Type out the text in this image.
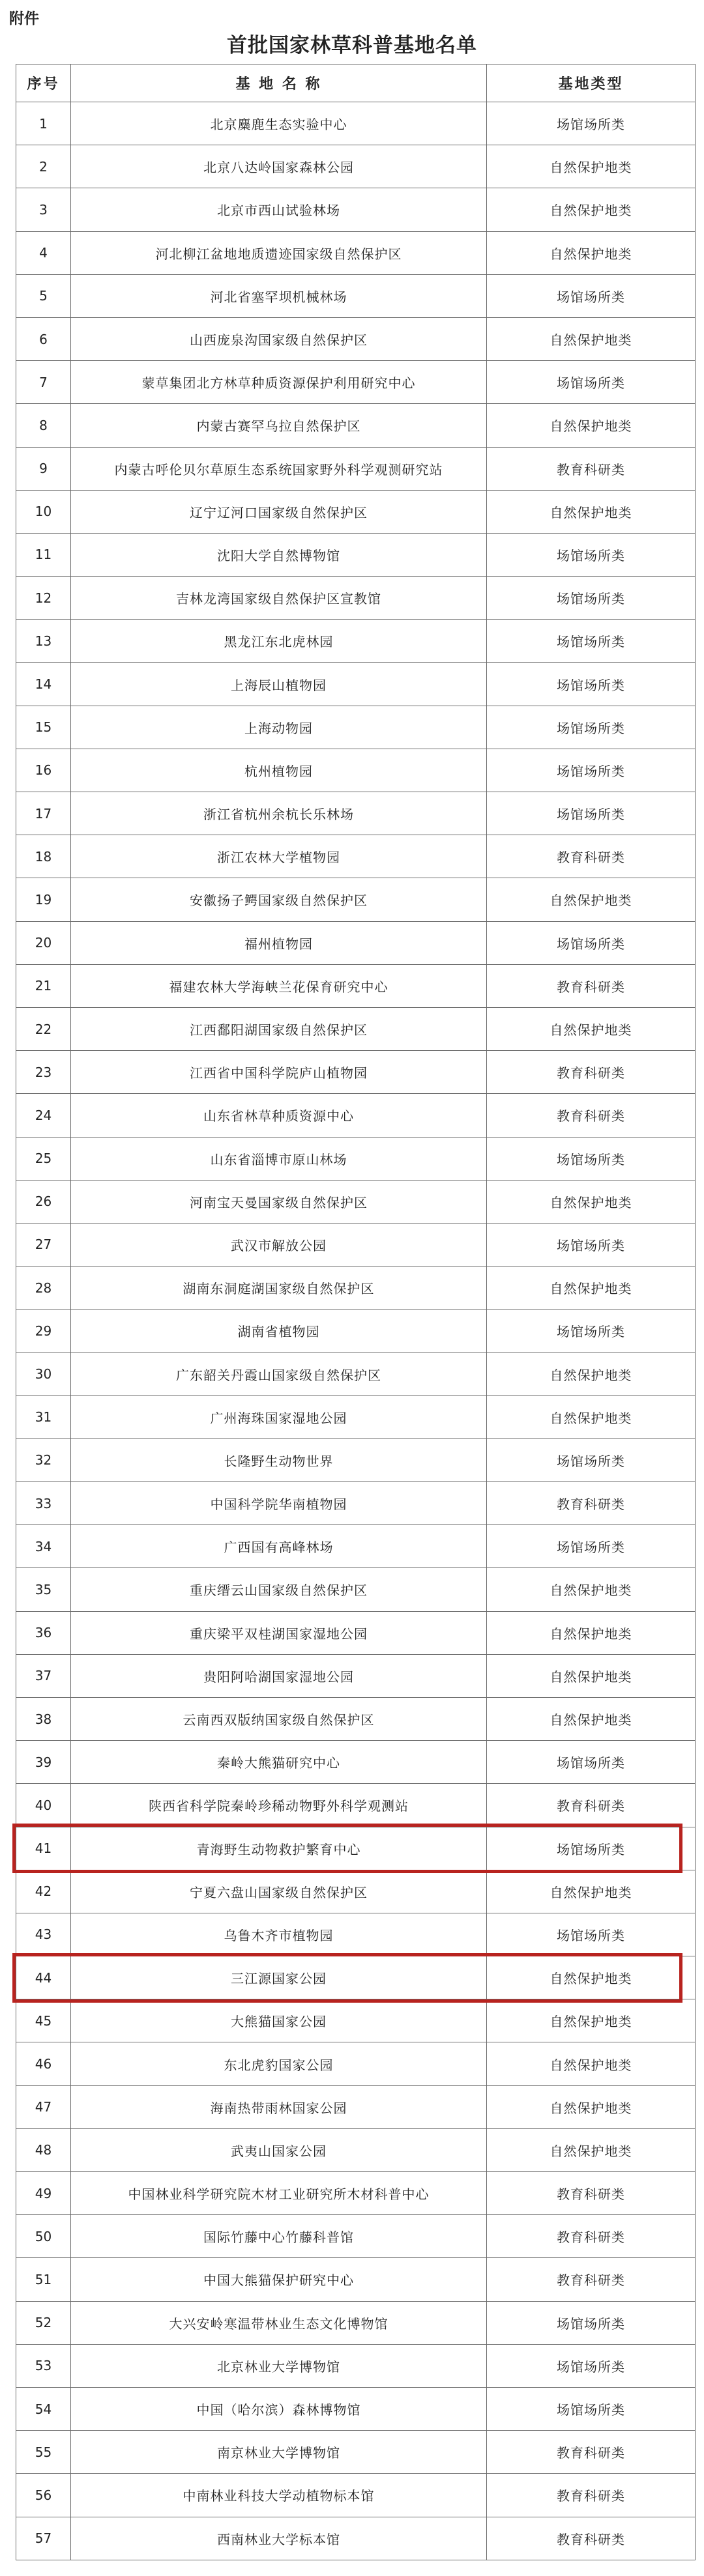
附件
首批国家林草科普基地名单
序号	基 地 名 称	基地类型
1	北京麋鹿生态实验中心	场馆场所类
2	北京八达岭国家森林公园	自然保护地类
3	北京市西山试验林场	自然保护地类
4	河北柳江盆地地质遗迹国家级自然保护区	自然保护地类
5	河北省塞罕坝机械林场	场馆场所类
6	山西庞泉沟国家级自然保护区	自然保护地类
7	蒙草集团北方林草种质资源保护利用研究中心	场馆场所类
8	内蒙古赛罕乌拉自然保护区	自然保护地类
9	内蒙古呼伦贝尔草原生态系统国家野外科学观测研究站	教育科研类
10	辽宁辽河口国家级自然保护区	自然保护地类
11	沈阳大学自然博物馆	场馆场所类
12	吉林龙湾国家级自然保护区宣教馆	场馆场所类
13	黑龙江东北虎林园	场馆场所类
14	上海辰山植物园	场馆场所类
15	上海动物园	场馆场所类
16	杭州植物园	场馆场所类
17	浙江省杭州余杭长乐林场	场馆场所类
18	浙江农林大学植物园	教育科研类
19	安徽扬子鳄国家级自然保护区	自然保护地类
20	福州植物园	场馆场所类
21	福建农林大学海峡兰花保育研究中心	教育科研类
22	江西鄱阳湖国家级自然保护区	自然保护地类
23	江西省中国科学院庐山植物园	教育科研类
24	山东省林草种质资源中心	教育科研类
25	山东省淄博市原山林场	场馆场所类
26	河南宝天曼国家级自然保护区	自然保护地类
27	武汉市解放公园	场馆场所类
28	湖南东洞庭湖国家级自然保护区	自然保护地类
29	湖南省植物园	场馆场所类
30	广东韶关丹霞山国家级自然保护区	自然保护地类
31	广州海珠国家湿地公园	自然保护地类
32	长隆野生动物世界	场馆场所类
33	中国科学院华南植物园	教育科研类
34	广西国有高峰林场	场馆场所类
35	重庆缙云山国家级自然保护区	自然保护地类
36	重庆梁平双桂湖国家湿地公园	自然保护地类
37	贵阳阿哈湖国家湿地公园	自然保护地类
38	云南西双版纳国家级自然保护区	自然保护地类
39	秦岭大熊猫研究中心	场馆场所类
40	陕西省科学院秦岭珍稀动物野外科学观测站	教育科研类
41	青海野生动物救护繁育中心	场馆场所类
42	宁夏六盘山国家级自然保护区	自然保护地类
43	乌鲁木齐市植物园	场馆场所类
44	三江源国家公园	自然保护地类
45	大熊猫国家公园	自然保护地类
46	东北虎豹国家公园	自然保护地类
47	海南热带雨林国家公园	自然保护地类
48	武夷山国家公园	自然保护地类
49	中国林业科学研究院木材工业研究所木材科普中心	教育科研类
50	国际竹藤中心竹藤科普馆	教育科研类
51	中国大熊猫保护研究中心	教育科研类
52	大兴安岭寒温带林业生态文化博物馆	场馆场所类
53	北京林业大学博物馆	场馆场所类
54	中国（哈尔滨）森林博物馆	场馆场所类
55	南京林业大学博物馆	教育科研类
56	中南林业科技大学动植物标本馆	教育科研类
57	西南林业大学标本馆	教育科研类
